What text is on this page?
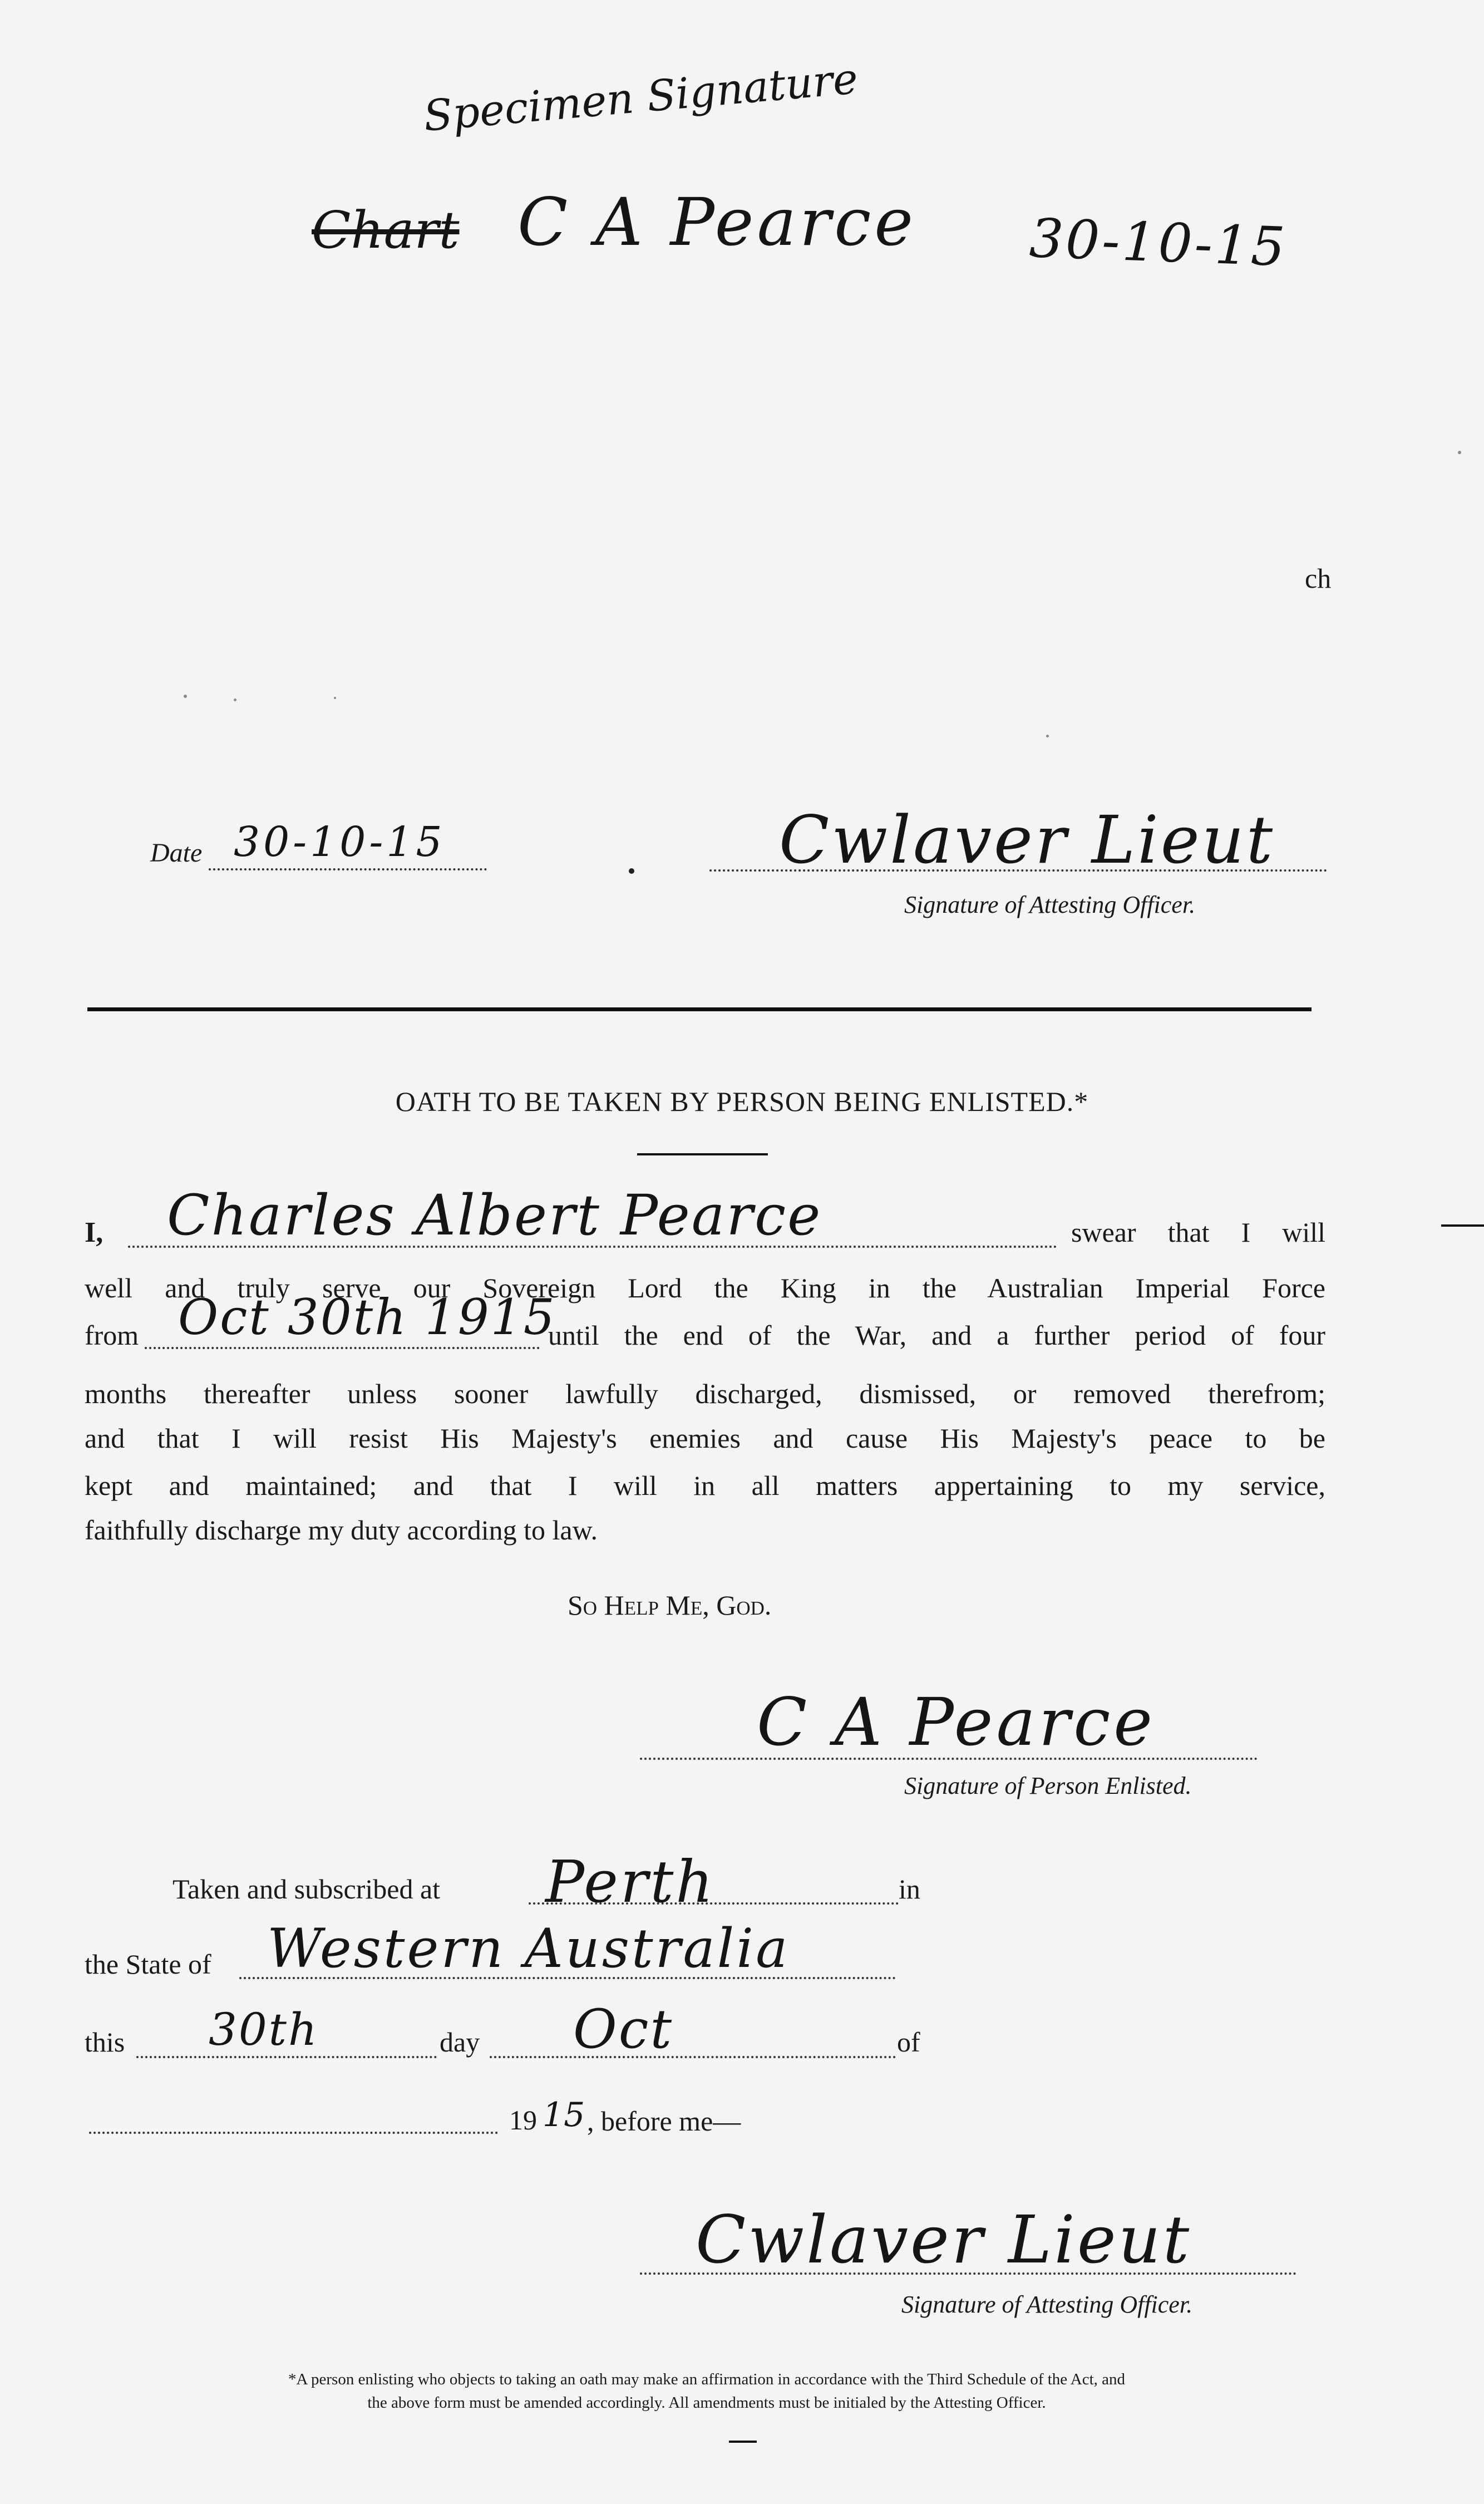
Specimen Signature
Chart C A Pearce 30-10-15
ch
Date 30-10-15	Cwlaver Lieut
Signature of Attesting Officer.
OATH TO BE TAKEN BY PERSON BEING ENLISTED.*
I, Charles Albert Pearce	swear that I will
well and truly serve our Sovereign Lord the King in the Australian Imperial Force
from Oct 30th 1915
until the end of the War, and a further period of four
months thereafter unless sooner lawfully discharged, dismissed, or removed therefrom;
and that I will resist His Majesty's enemies and cause His Majesty's peace to be
kept and maintained; and that I will in all matters appertaining to my service,
faithfully discharge my duty according to law.
So Help Me, God.
C A Pearce
Signature of Person Enlisted.
Taken and subscribed at Perth	in
the State of Western Australia
this 30th	day Oct	of
19 15 , before me—
Cwlaver Lieut
Signature of Attesting Officer.
*A person enlisting who objects to taking an oath may make an affirmation in accordance with the Third Schedule of the Act, and
the above form must be amended accordingly. All amendments must be initialed by the Attesting Officer.
